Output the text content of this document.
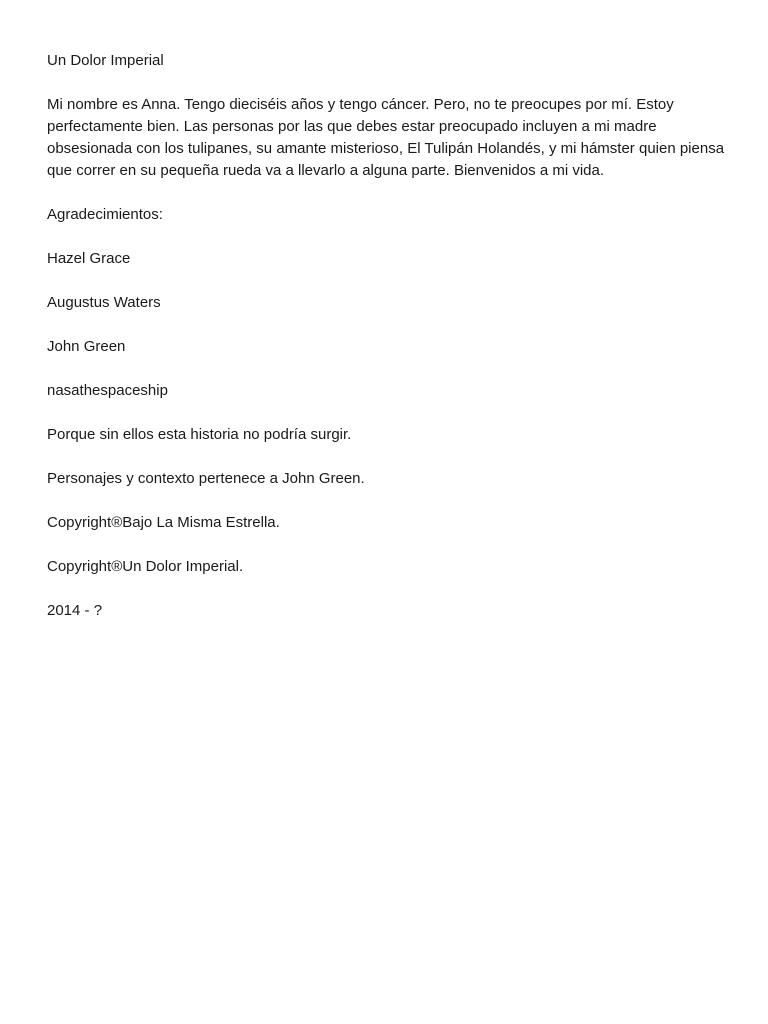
Un Dolor Imperial

Mi nombre es Anna. Tengo dieciséis años y tengo cáncer. Pero, no te preocupes por mí. Estoy perfectamente bien. Las personas por las que debes estar preocupado incluyen a mi madre obsesionada con los tulipanes, su amante misterioso, El Tulipán Holandés, y mi hámster quien piensa que correr en su pequeña rueda va a llevarlo a alguna parte. Bienvenidos a mi vida.

Agradecimientos:

Hazel Grace

Augustus Waters

John Green

nasathespaceship

Porque sin ellos esta historia no podría surgir.

Personajes y contexto pertenece a John Green.

Copyright®Bajo La Misma Estrella.

Copyright®Un Dolor Imperial.

2014 - ?
